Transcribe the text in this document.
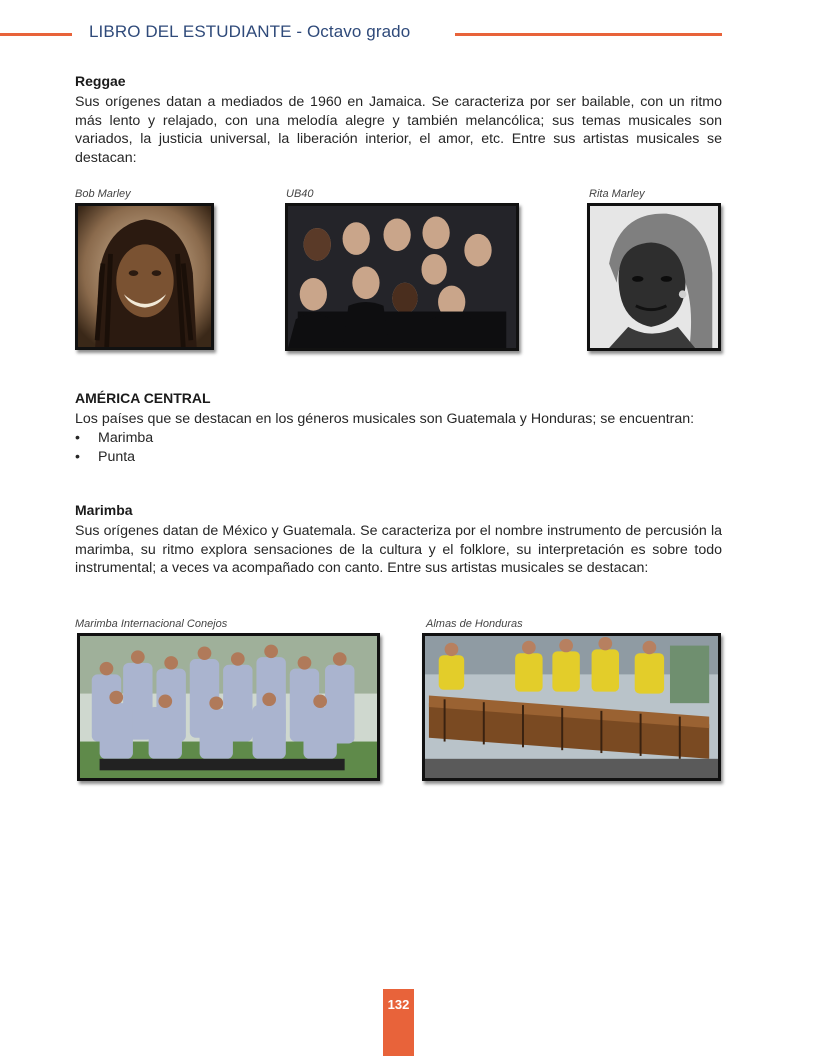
LIBRO DEL ESTUDIANTE - Octavo grado

Reggae

Sus orígenes datan a mediados de 1960 en Jamaica. Se caracteriza por ser bailable, con un ritmo más lento y relajado, con una melodía alegre y también melancólica; sus temas musicales son variados, la justicia universal, la liberación interior, el amor, etc. Entre sus artistas musicales se destacan:

Bob Marley	UB40	Rita Marley

AMÉRICA CENTRAL

Los países que se destacan en los géneros musicales son Guatemala y Honduras; se encuentran:

• Marimba
• Punta

Marimba

Sus orígenes datan de México y Guatemala. Se caracteriza por el nombre instrumento de percusión la marimba, su ritmo explora sensaciones de la cultura y el folklore, su interpretación es sobre todo instrumental; a veces va acompañado con canto. Entre sus artistas musicales se destacan:

Marimba Internacional Conejos	Almas de Honduras
132
